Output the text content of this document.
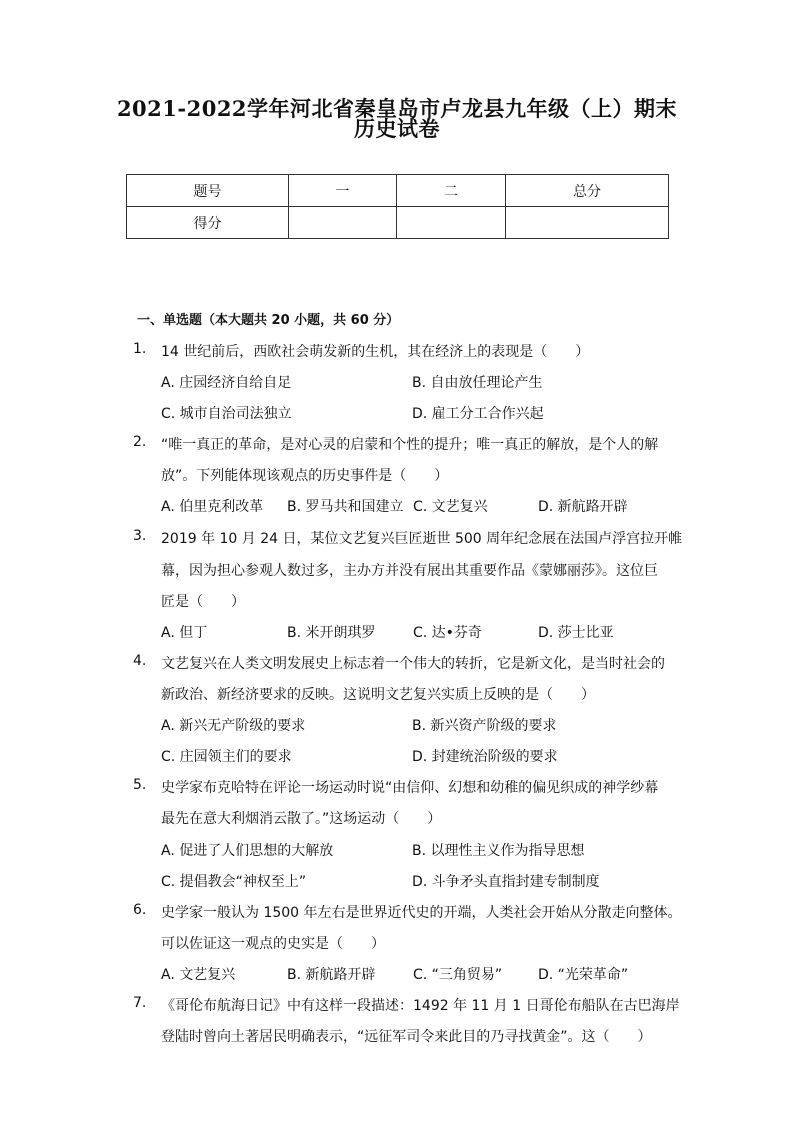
2021-2022学年河北省秦皇岛市卢龙县九年级（上）期末
历史试卷
题号	一	二	总分
得分			
一、单选题（本大题共 20 小题，共 60 分）
1. 14 世纪前后，西欧社会萌发新的生机，其在经济上的表现是（　　）
A. 庄园经济自给自足	B. 自由放任理论产生
C. 城市自治司法独立	D. 雇工分工合作兴起
2. “唯一真正的革命，是对心灵的启蒙和个性的提升；唯一真正的解放，是个人的解
放”。下列能体现该观点的历史事件是（　　）
A. 伯里克利改革 B. 罗马共和国建立 C. 文艺复兴	D. 新航路开辟
3. 2019 年 10 月 24 日，某位文艺复兴巨匠逝世 500 周年纪念展在法国卢浮宫拉开帷
幕，因为担心参观人数过多，主办方并没有展出其重要作品《蒙娜丽莎》。这位巨
匠是（　　）
A. 但丁	B. 米开朗琪罗	C. 达•芬奇	D. 莎士比亚
4. 文艺复兴在人类文明发展史上标志着一个伟大的转折，它是新文化，是当时社会的
新政治、新经济要求的反映。这说明文艺复兴实质上反映的是（　　）
A. 新兴无产阶级的要求	B. 新兴资产阶级的要求
C. 庄园领主们的要求	D. 封建统治阶级的要求
5. 史学家布克哈特在评论一场运动时说“由信仰、幻想和幼稚的偏见织成的神学纱幕
最先在意大利烟消云散了。”这场运动（　　）
A. 促进了人们思想的大解放	B. 以理性主义作为指导思想
C. 提倡教会“神权至上”	D. 斗争矛头直指封建专制制度
6. 史学家一般认为 1500 年左右是世界近代史的开端，人类社会开始从分散走向整体。
可以佐证这一观点的史实是（　　）
A. 文艺复兴	B. 新航路开辟	C. “三角贸易”	D. “光荣革命”
7. 《哥伦布航海日记》中有这样一段描述：1492 年 11 月 1 日哥伦布船队在古巴海岸
登陆时曾向土著居民明确表示，“远征军司令来此目的乃寻找黄金”。这（　　）
